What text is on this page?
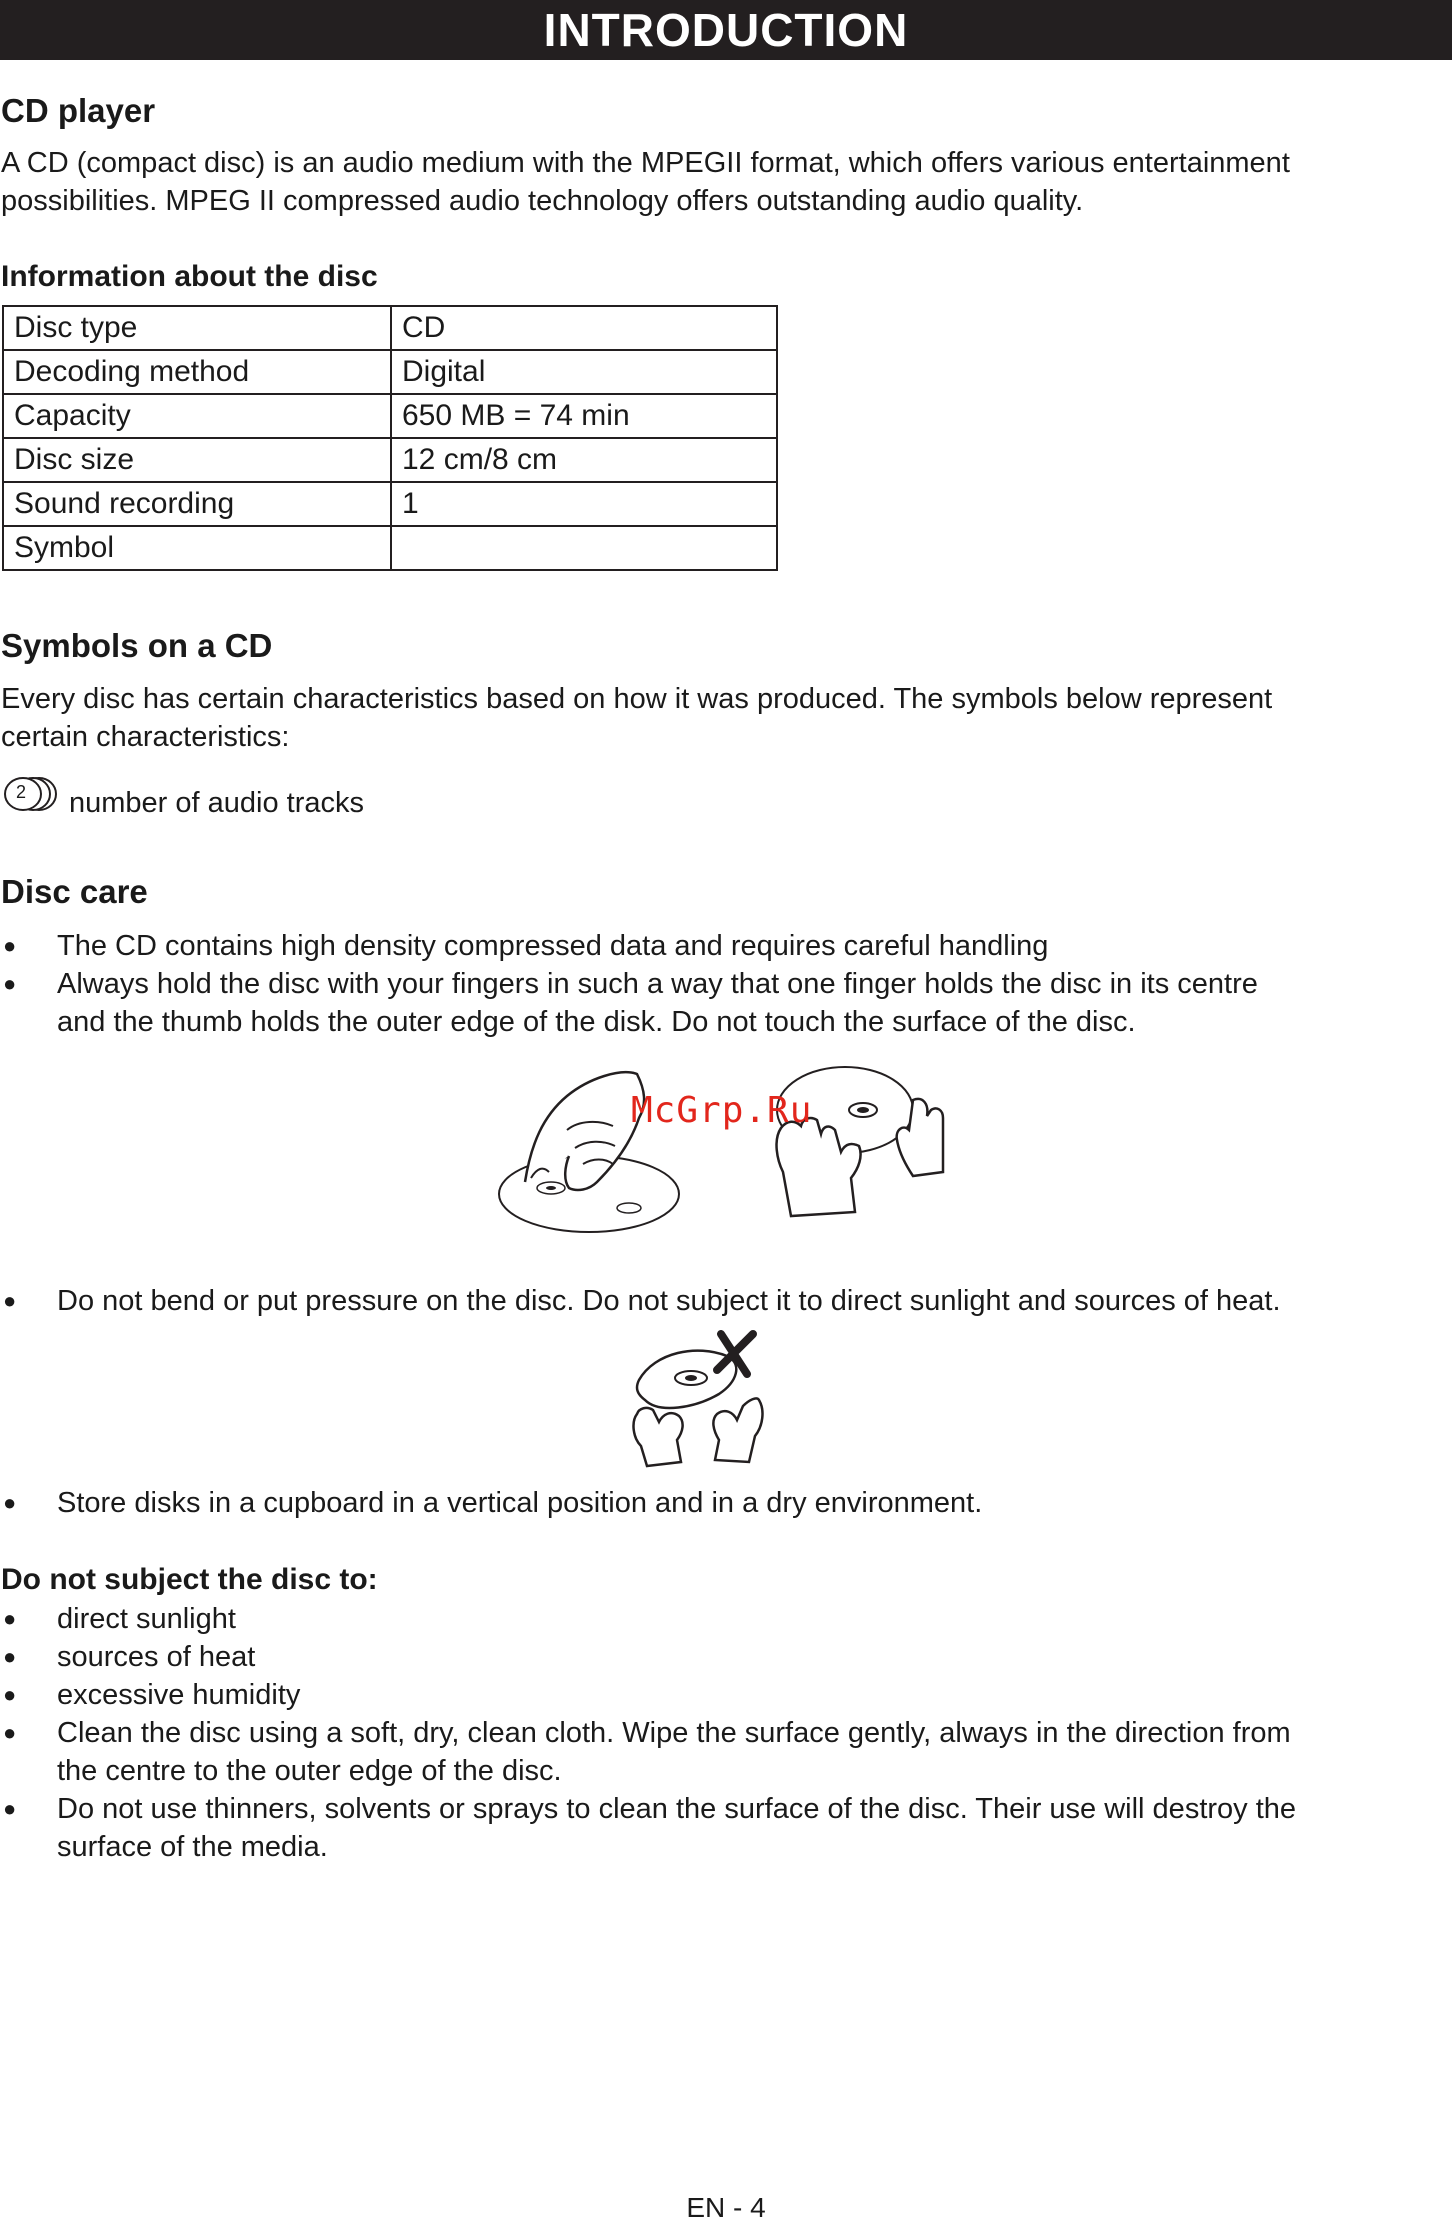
INTRODUCTION
CD player
A CD (compact disc) is an audio medium with the MPEGII format, which offers various entertainment
possibilities. MPEG II compressed audio technology offers outstanding audio quality.
Information about the disc
Disc type	CD
Decoding method	Digital
Capacity	650 MB = 74 min
Disc size	12 cm/8 cm
Sound recording	1
Symbol	
Symbols on a CD
Every disc has certain characteristics based on how it was produced. The symbols below represent
certain characteristics:
2 number of audio tracks
Disc care
● The CD contains high density compressed data and requires careful handling
● Always hold the disc with your fingers in such a way that one finger holds the disc in its centre
and the thumb holds the outer edge of the disk. Do not touch the surface of the disc.
McGrp.Ru
● Do not bend or put pressure on the disc. Do not subject it to direct sunlight and sources of heat.
● Store disks in a cupboard in a vertical position and in a dry environment.
Do not subject the disc to:
● direct sunlight
● sources of heat
● excessive humidity
● Clean the disc using a soft, dry, clean cloth. Wipe the surface gently, always in the direction from
the centre to the outer edge of the disc.
● Do not use thinners, solvents or sprays to clean the surface of the disc. Their use will destroy the
surface of the media.
EN - 4
